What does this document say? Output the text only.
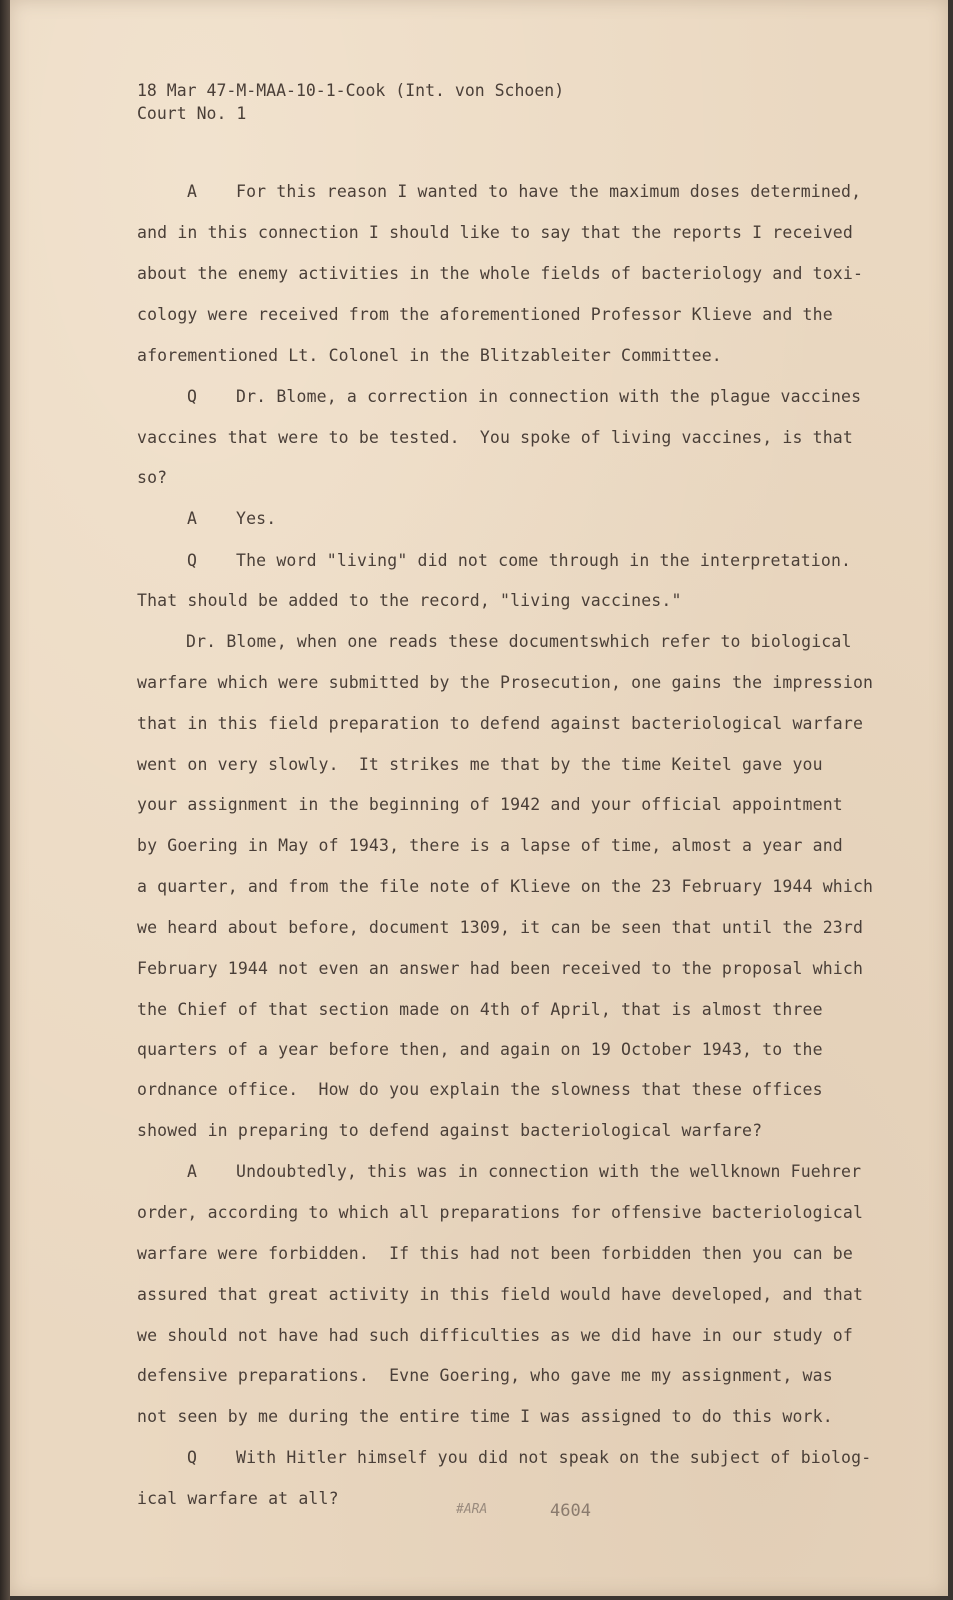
18 Mar 47-M-MAA-10-1-Cook (Int. von Schoen)
Court No. 1
A
Q
A
Q
A
Q
For this reason I wanted to have the maximum doses determined,
and in this connection I should like to say that the reports I received
about the enemy activities in the whole fields of bacteriology and toxi-
cology were received from the aforementioned Professor Klieve and the
aforementioned Lt. Colonel in the Blitzableiter Committee.
Dr. Blome, a correction in connection with the plague vaccines
vaccines that were to be tested.  You spoke of living vaccines, is that
so?
Yes.
The word "living" did not come through in the interpretation.
That should be added to the record, "living vaccines."
Dr. Blome, when one reads these documentswhich refer to biological
warfare which were submitted by the Prosecution, one gains the impression
that in this field preparation to defend against bacteriological warfare
went on very slowly.  It strikes me that by the time Keitel gave you
your assignment in the beginning of 1942 and your official appointment
by Goering in May of 1943, there is a lapse of time, almost a year and
a quarter, and from the file note of Klieve on the 23 February 1944 which
we heard about before, document 1309, it can be seen that until the 23rd
February 1944 not even an answer had been received to the proposal which
the Chief of that section made on 4th of April, that is almost three
quarters of a year before then, and again on 19 October 1943, to the
ordnance office.  How do you explain the slowness that these offices
showed in preparing to defend against bacteriological warfare?
Undoubtedly, this was in connection with the wellknown Fuehrer
order, according to which all preparations for offensive bacteriological
warfare were forbidden.  If this had not been forbidden then you can be
assured that great activity in this field would have developed, and that
we should not have had such difficulties as we did have in our study of
defensive preparations.  Evne Goering, who gave me my assignment, was
not seen by me during the entire time I was assigned to do this work.
With Hitler himself you did not speak on the subject of biolog-
ical warfare at all?
#ARA	4604
